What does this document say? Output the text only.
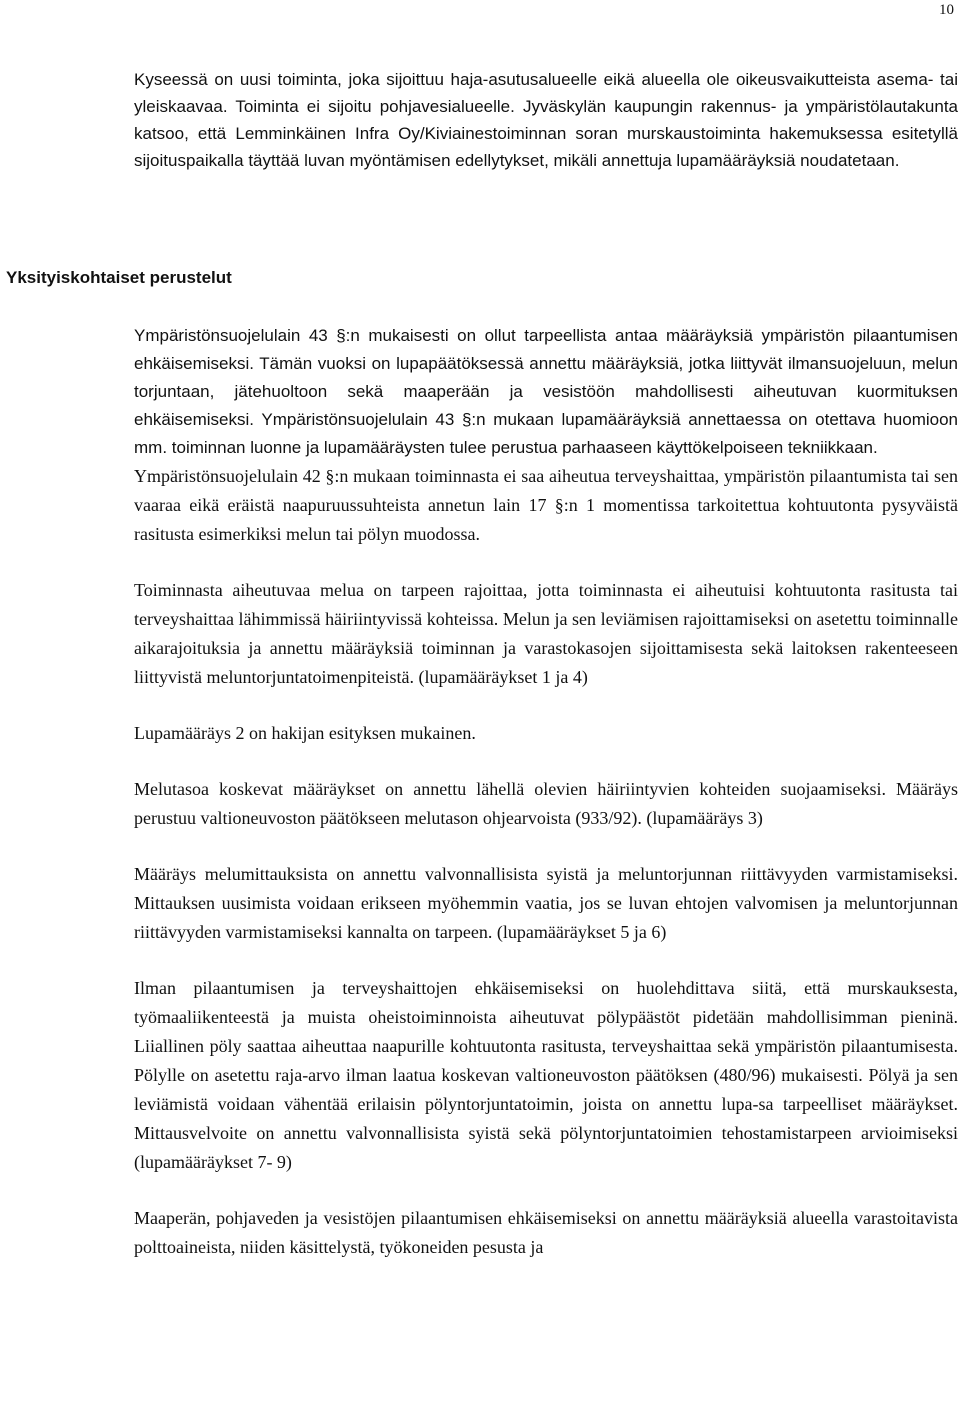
10

Kyseessä on uusi toiminta, joka sijoittuu haja-asutusalueelle eikä alueella ole oikeusvaikutteista asema- tai yleiskaavaa. Toiminta ei sijoitu pohjavesialueelle. Jyväskylän kaupungin rakennus- ja ympäristölautakunta katsoo, että Lemminkäinen Infra Oy/Kiviainestoiminnan soran murskaustoiminta hakemuksessa esitetyllä sijoituspaikalla täyttää luvan myöntämisen edellytykset, mikäli annettuja lupamääräyksiä noudatetaan.

Yksityiskohtaiset perustelut

Ympäristönsuojelulain 43 §:n mukaisesti on ollut tarpeellista antaa määräyksiä ympäristön pilaantumisen ehkäisemiseksi. Tämän vuoksi on lupapäätöksessä annettu määräyksiä, jotka liittyvät ilmansuojeluun, melun torjuntaan, jätehuoltoon sekä maaperään ja vesistöön mahdollisesti aiheutuvan kuormituksen ehkäisemiseksi. Ympäristönsuojelulain 43 §:n mukaan lupamääräyksiä annettaessa on otettava huomioon mm. toiminnan luonne ja lupamääräysten tulee perustua parhaaseen käyttökelpoiseen tekniikkaan.

Ympäristönsuojelulain 42 §:n mukaan toiminnasta ei saa aiheutua terveyshaittaa, ympäristön pilaantumista tai sen vaaraa eikä eräistä naapuruussuhteista annetun lain 17 §:n 1 momentissa tarkoitettua kohtuutonta pysyväistä rasitusta esimerkiksi melun tai pölyn muodossa.

Toiminnasta aiheutuvaa melua on tarpeen rajoittaa, jotta toiminnasta ei aiheutuisi kohtuutonta rasitusta tai terveyshaittaa lähimmissä häiriintyvissä kohteissa. Melun ja sen leviämisen rajoittamiseksi on asetettu toiminnalle aikarajoituksia ja annettu määräyksiä toiminnan ja varastokasojen sijoittamisesta sekä laitoksen rakenteeseen liittyvistä meluntorjuntatoimenpiteistä. (lupamääräykset 1 ja 4)

Lupamääräys 2 on hakijan esityksen mukainen.

Melutasoa koskevat määräykset on annettu lähellä olevien häiriintyvien kohteiden suojaamiseksi. Määräys perustuu valtioneuvoston päätökseen melutason ohjearvoista (933/92). (lupamääräys 3)

Määräys melumittauksista on annettu valvonnallisista syistä ja meluntorjunnan riittävyyden varmistamiseksi. Mittauksen uusimista voidaan erikseen myöhemmin vaatia, jos se luvan ehtojen valvomisen ja meluntorjunnan riittävyyden varmistamiseksi kannalta on tarpeen. (lupamääräykset 5 ja 6)

Ilman pilaantumisen ja terveyshaittojen ehkäisemiseksi on huolehdittava siitä, että murskauksesta, työmaaliikenteestä ja muista oheistoiminnoista aiheutuvat pölypäästöt pidetään mahdollisimman pieninä. Liiallinen pöly saattaa aiheuttaa naapurille kohtuutonta rasitusta, terveyshaittaa sekä ympäristön pilaantumisesta. Pölylle on asetettu raja-arvo ilman laatua koskevan valtioneuvoston päätöksen (480/96) mukaisesti. Pölyä ja sen leviämistä voidaan vähentää erilaisin pölyntorjuntatoimin, joista on annettu lupa-sa tarpeelliset määräykset. Mittausvelvoite on annettu valvonnallisista syistä sekä pölyntorjuntatoimien tehostamistarpeen arvioimiseksi (lupamääräykset 7- 9)

Maaperän, pohjaveden ja vesistöjen pilaantumisen ehkäisemiseksi on annettu määräyksiä alueella varastoitavista polttoaineista, niiden käsittelystä, työkoneiden pesusta ja
